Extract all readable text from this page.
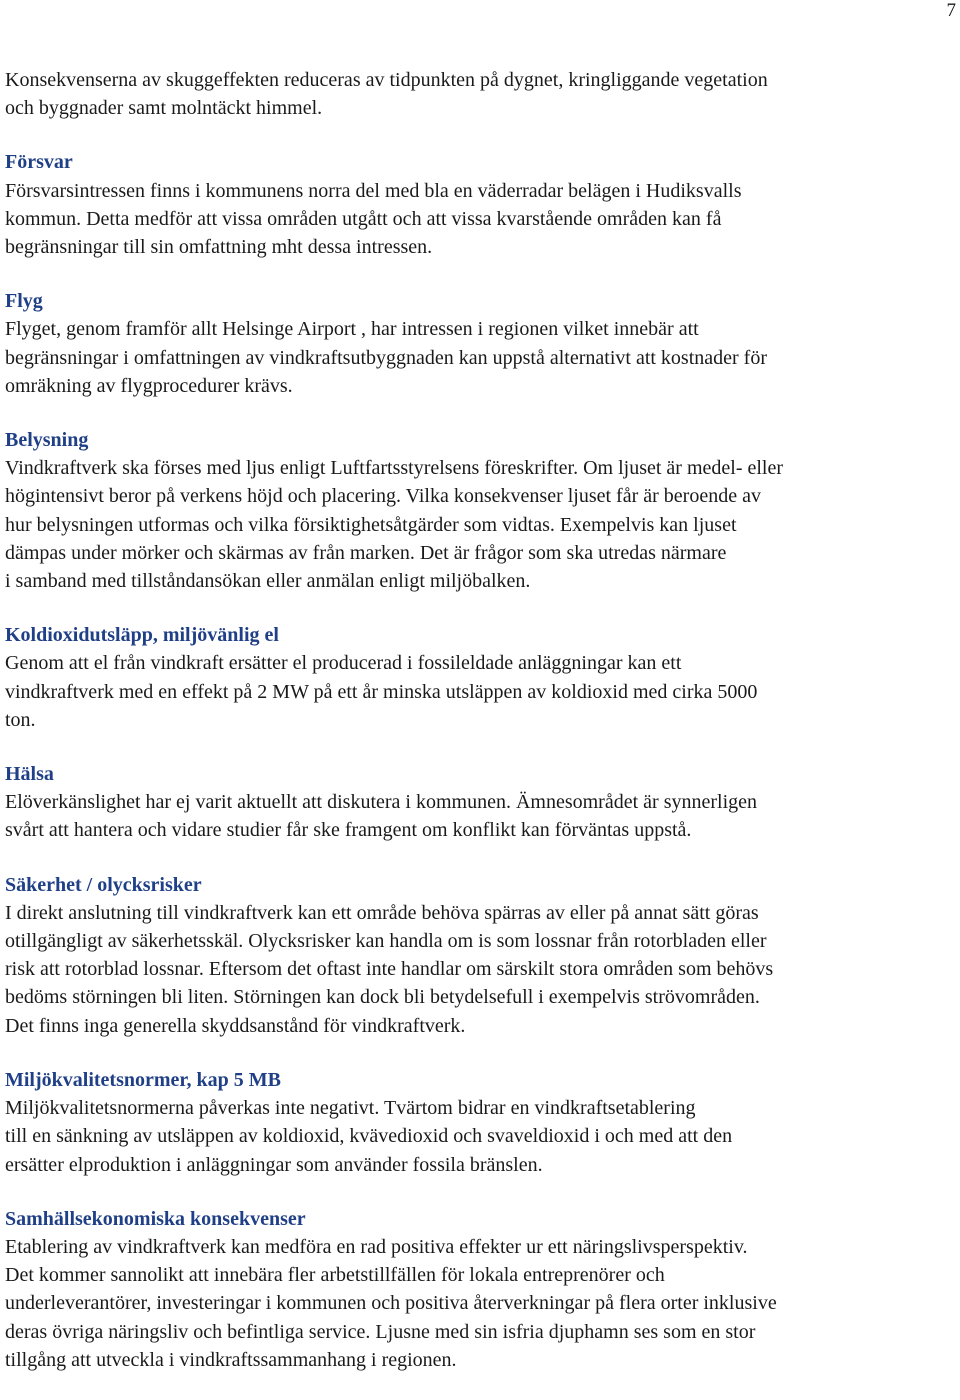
7

Konsekvenserna av skuggeffekten reduceras av tidpunkten på dygnet, kringliggande vegetation
och byggnader samt molntäckt himmel.

Försvar

Försvarsintressen finns i kommunens norra del med bla en väderradar belägen i Hudiksvalls
kommun. Detta medför att vissa områden utgått och att vissa kvarstående områden kan få
begränsningar till sin omfattning mht dessa intressen.

Flyg

Flyget, genom framför allt Helsinge Airport , har intressen i regionen vilket innebär att
begränsningar i omfattningen av vindkraftsutbyggnaden kan uppstå alternativt att kostnader för
omräkning av flygprocedurer krävs.

Belysning

Vindkraftverk ska förses med ljus enligt Luftfartsstyrelsens föreskrifter. Om ljuset är medel- eller
högintensivt beror på verkens höjd och placering. Vilka konsekvenser ljuset får är beroende av
hur belysningen utformas och vilka försiktighetsåtgärder som vidtas. Exempelvis kan ljuset
dämpas under mörker och skärmas av från marken. Det är frågor som ska utredas närmare
i samband med tillståndansökan eller anmälan enligt miljöbalken.

Koldioxidutsläpp, miljövänlig el

Genom att el från vindkraft ersätter el producerad i fossileldade anläggningar kan ett
vindkraftverk med en effekt på 2 MW på ett år minska utsläppen av koldioxid med cirka 5000
ton.

Hälsa

Elöverkänslighet har ej varit aktuellt att diskutera i kommunen. Ämnesområdet är synnerligen
svårt att hantera och vidare studier får ske framgent om konflikt kan förväntas uppstå.

Säkerhet / olycksrisker

I direkt anslutning till vindkraftverk kan ett område behöva spärras av eller på annat sätt göras
otillgängligt av säkerhetsskäl. Olycksrisker kan handla om is som lossnar från rotorbladen eller
risk att rotorblad lossnar. Eftersom det oftast inte handlar om särskilt stora områden som behövs
bedöms störningen bli liten. Störningen kan dock bli betydelsefull i exempelvis strövområden.
Det finns inga generella skyddsanstånd för vindkraftverk.

Miljökvalitetsnormer, kap 5 MB

Miljökvalitetsnormerna påverkas inte negativt. Tvärtom bidrar en vindkraftsetablering
till en sänkning av utsläppen av koldioxid, kvävedioxid och svaveldioxid i och med att den
ersätter elproduktion i anläggningar som använder fossila bränslen.

Samhällsekonomiska konsekvenser

Etablering av vindkraftverk kan medföra en rad positiva effekter ur ett näringslivsperspektiv.
Det kommer sannolikt att innebära fler arbetstillfällen för lokala entreprenörer och
underleverantörer, investeringar i kommunen och positiva återverkningar på flera orter inklusive
deras övriga näringsliv och befintliga service. Ljusne med sin isfria djuphamn ses som en stor
tillgång att utveckla i vindkraftssammanhang i regionen.
